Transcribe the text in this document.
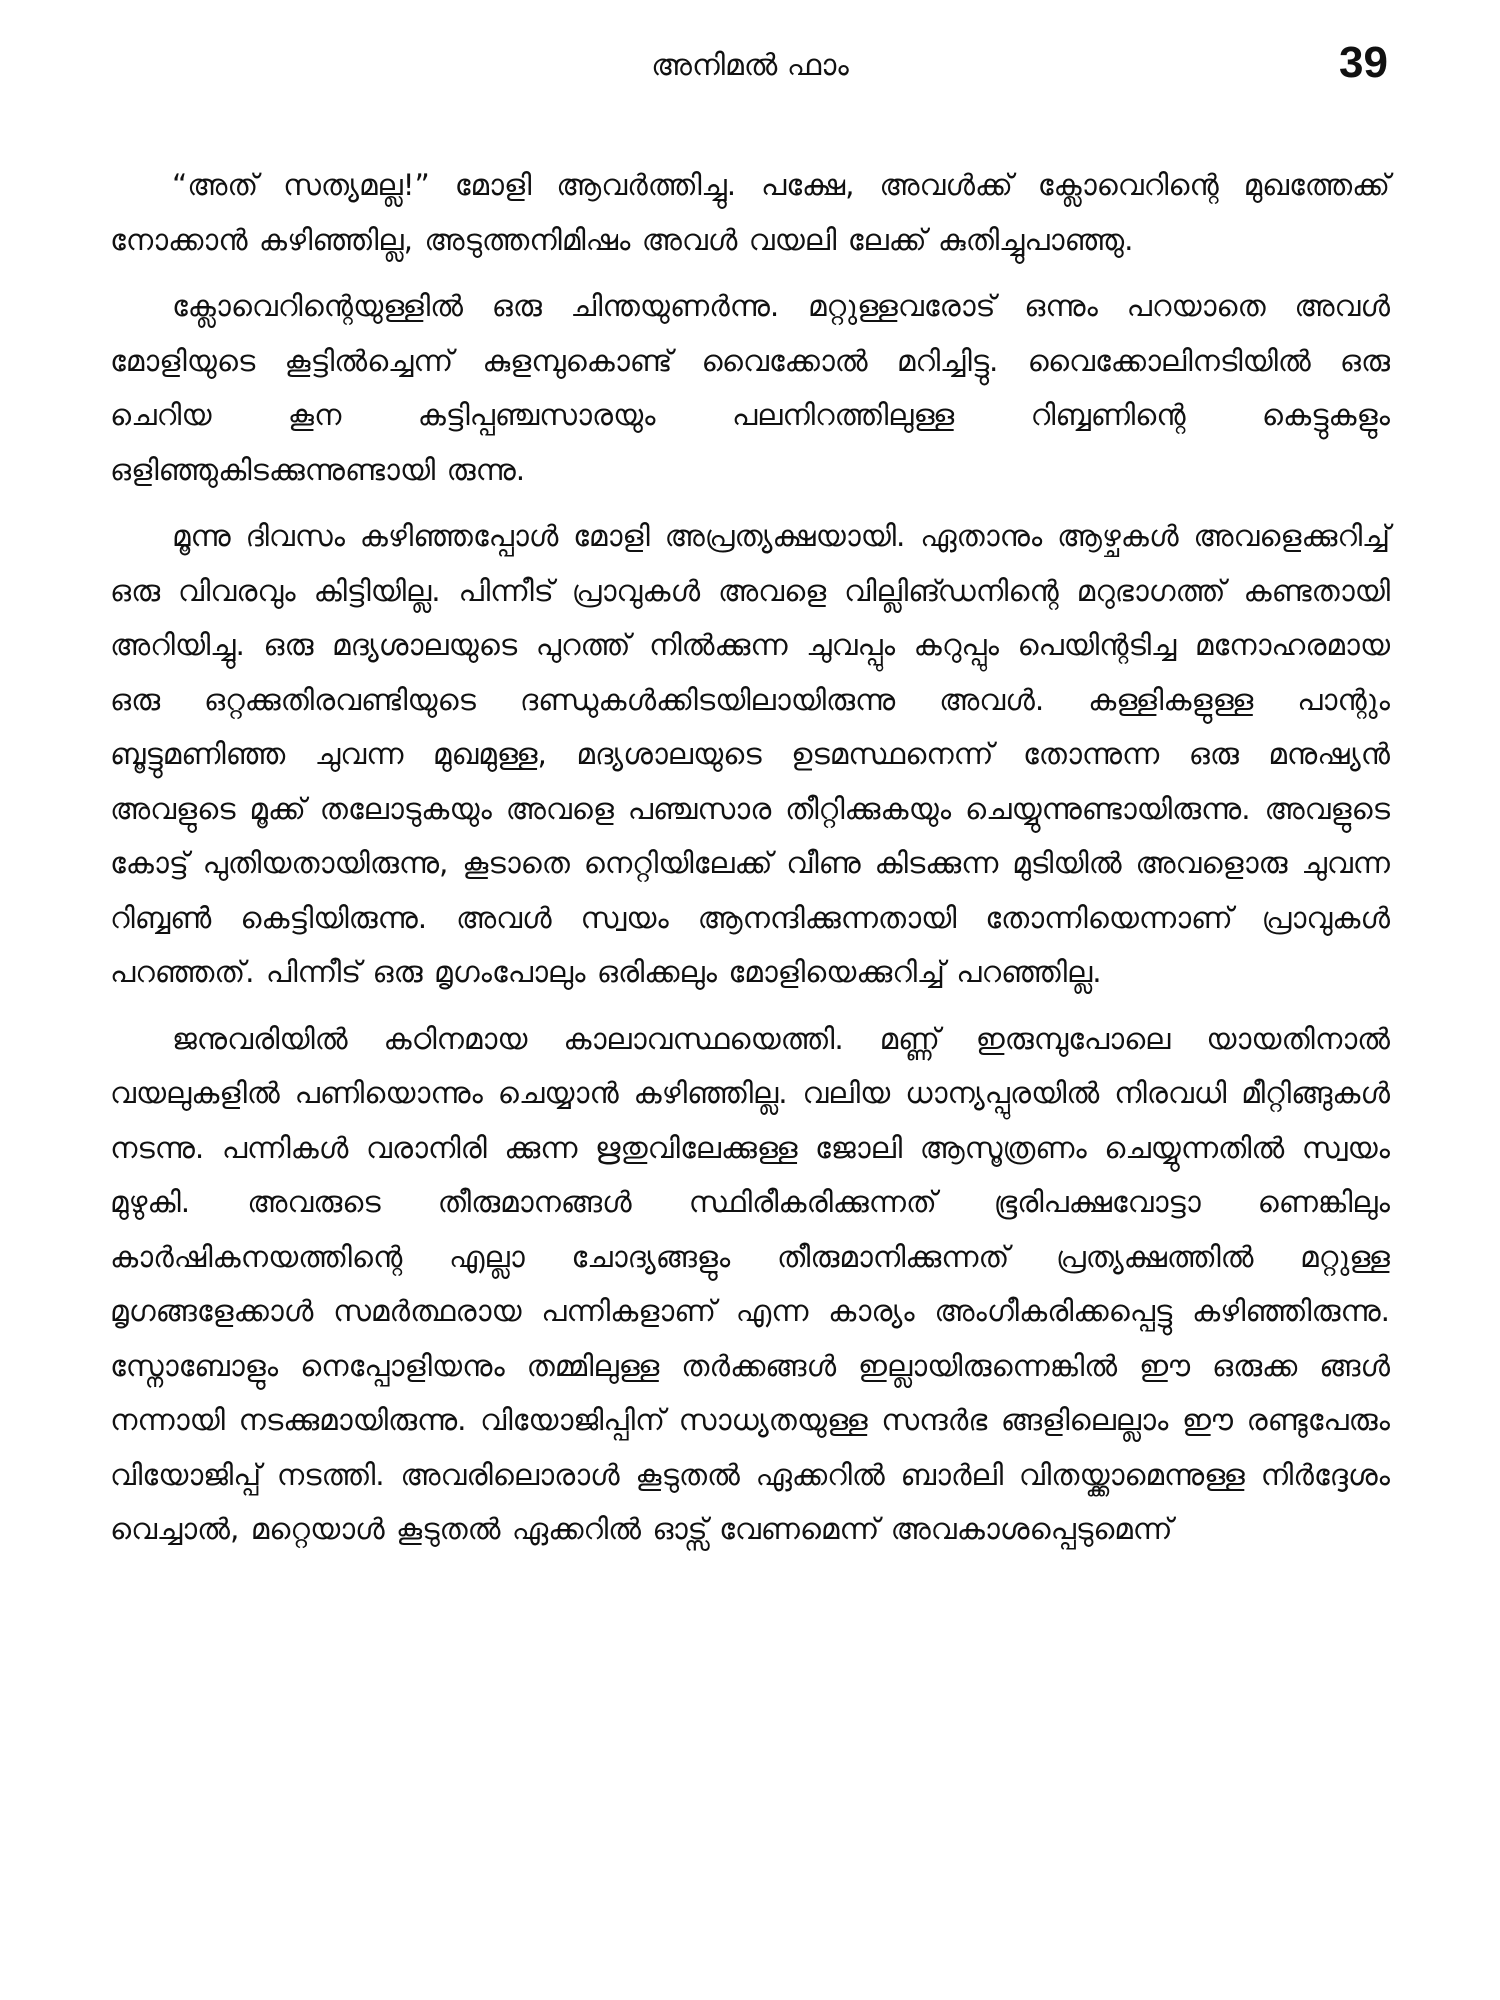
അനിമൽ ഫാം	39

“അത് സത്യമല്ല!” മോളി ആവർത്തിച്ചു. പക്ഷേ, അവൾക്ക് ക്ലോവെറിന്റെ മുഖത്തേക്ക് നോക്കാൻ കഴിഞ്ഞില്ല, അടുത്തനിമിഷം അവൾ വയലി ലേക്ക് കുതിച്ചുപാഞ്ഞു.

ക്ലോവെറിന്റെയുള്ളിൽ ഒരു ചിന്തയുണർന്നു. മറ്റുള്ളവരോട് ഒന്നും പറയാതെ അവൾ മോളിയുടെ കൂട്ടിൽച്ചെന്ന് കുളമ്പുകൊണ്ട് വൈക്കോൽ മറിച്ചിട്ടു. വൈക്കോലിനടിയിൽ ഒരു ചെറിയ കൂന കട്ടിപ്പഞ്ചസാരയും പലനിറത്തിലുള്ള റിബ്ബണിന്റെ കെട്ടുകളും ഒളിഞ്ഞുകിടക്കുന്നുണ്ടായി രുന്നു.

മൂന്നു ദിവസം കഴിഞ്ഞപ്പോൾ മോളി അപ്രത്യക്ഷയായി. ഏതാനും ആഴ്ചകൾ അവളെക്കുറിച്ച് ഒരു വിവരവും കിട്ടിയില്ല. പിന്നീട് പ്രാവുകൾ അവളെ വില്ലിങ്ഡനിന്റെ മറുഭാഗത്ത് കണ്ടതായി അറിയിച്ചു. ഒരു മദ്യശാലയുടെ പുറത്ത് നിൽക്കുന്ന ചുവപ്പും കറുപ്പും പെയിന്റടിച്ച മനോഹരമായ ഒരു ഒറ്റക്കുതിരവണ്ടിയുടെ ദണ്ഡുകൾക്കിടയിലായിരുന്നു അവൾ. കള്ളികളുള്ള പാന്റും ബൂട്ടുമണിഞ്ഞ ചുവന്ന മുഖമുള്ള, മദ്യശാലയുടെ ഉടമസ്ഥനെന്ന് തോന്നുന്ന ഒരു മനുഷ്യൻ അവളുടെ മൂക്ക് തലോടുകയും അവളെ പഞ്ചസാര തീറ്റിക്കുകയും ചെയ്യുന്നുണ്ടായിരുന്നു. അവളുടെ കോട്ട് പുതിയതായിരുന്നു, കൂടാതെ നെറ്റിയിലേക്ക് വീണു കിടക്കുന്ന മുടിയിൽ അവളൊരു ചുവന്ന റിബ്ബൺ കെട്ടിയിരുന്നു. അവൾ സ്വയം ആനന്ദിക്കുന്നതായി തോന്നിയെന്നാണ് പ്രാവുകൾ പറഞ്ഞത്. പിന്നീട് ഒരു മൃഗംപോലും ഒരിക്കലും മോളിയെക്കുറിച്ച് പറഞ്ഞില്ല.

ജനുവരിയിൽ കഠിനമായ കാലാവസ്ഥയെത്തി. മണ്ണ് ഇരുമ്പുപോലെ യായതിനാൽ വയലുകളിൽ പണിയൊന്നും ചെയ്യാൻ കഴിഞ്ഞില്ല. വലിയ ധാന്യപ്പുരയിൽ നിരവധി മീറ്റിങ്ങുകൾ നടന്നു. പന്നികൾ വരാനിരി ക്കുന്ന ഋതുവിലേക്കുള്ള ജോലി ആസൂത്രണം ചെയ്യുന്നതിൽ സ്വയം മുഴുകി. അവരുടെ തീരുമാനങ്ങൾ സ്ഥിരീകരിക്കുന്നത് ഭൂരിപക്ഷവോട്ടാ ണെങ്കിലും കാർഷികനയത്തിന്റെ എല്ലാ ചോദ്യങ്ങളും തീരുമാനിക്കുന്നത് പ്രത്യക്ഷത്തിൽ മറ്റുള്ള മൃഗങ്ങളേക്കാൾ സമർത്ഥരായ പന്നികളാണ് എന്ന കാര്യം അംഗീകരിക്കപ്പെട്ടു കഴിഞ്ഞിരുന്നു. സ്നോബോളും നെപ്പോളിയനും തമ്മിലുള്ള തർക്കങ്ങൾ ഇല്ലായിരുന്നെങ്കിൽ ഈ ഒരുക്ക ങ്ങൾ നന്നായി നടക്കുമായിരുന്നു. വിയോജിപ്പിന് സാധ്യതയുള്ള സന്ദർഭ ങ്ങളിലെല്ലാം ഈ രണ്ടുപേരും വിയോജിപ്പ് നടത്തി. അവരിലൊരാൾ കൂടുതൽ ഏക്കറിൽ ബാർലി വിതയ്ക്കാമെന്നുള്ള നിർദ്ദേശം വെച്ചാൽ, മറ്റെയാൾ കൂടുതൽ ഏക്കറിൽ ഓട്സ് വേണമെന്ന് അവകാശപ്പെടുമെന്ന്
